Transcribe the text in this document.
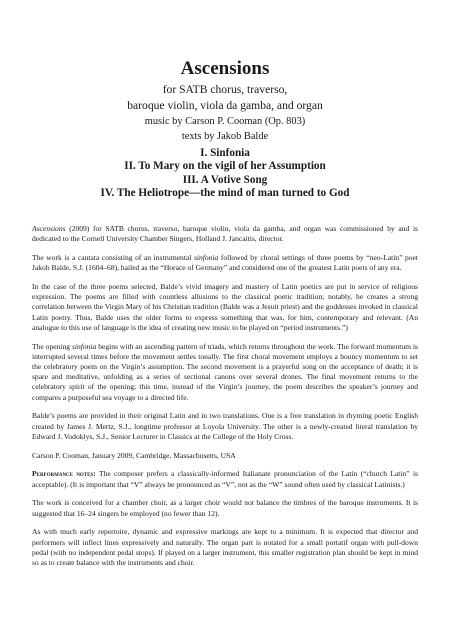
Ascensions
for SATB chorus, traverso,
baroque violin, viola da gamba, and organ
music by Carson P. Cooman (Op. 803)
texts by Jakob Balde
I. Sinfonia
II. To Mary on the vigil of her Assumption
III. A Votive Song
IV. The Heliotrope—the mind of man turned to God

Ascensions (2009) for SATB chorus, traverso, baroque violin, viola da gamba, and organ was commissioned by and is dedicated to the Cornell University Chamber Singers, Holland J. Jancaitis, director.

The work is a cantata consisting of an instrumental sinfonia followed by choral settings of three poems by “neo-Latin” poet Jakob Balde, S.J. (1604–68), hailed as the “Horace of Germany” and considered one of the greatest Latin poets of any era.

In the case of the three poems selected, Balde’s vivid imagery and mastery of Latin poetics are put in service of religious expression. The poems are filled with countless allusions to the classical poetic tradition; notably, he creates a strong correlation between the Virgin Mary of his Christian tradition (Balde was a Jesuit priest) and the goddesses invoked in classical Latin poetry. Thus, Balde uses the older forms to express something that was, for him, contemporary and relevant. (An analogue to this use of language is the idea of creating new music to be played on “period instruments.”)

The opening sinfonia begins with an ascending pattern of triads, which returns throughout the work. The forward momentum is interrupted several times before the movement settles tonally. The first choral movement employs a bouncy momentum to set the celebratory poem on the Virgin’s assumption. The second movement is a prayerful song on the acceptance of death; it is spare and meditative, unfolding as a series of sectional canons over several drones. The final movement returns to the celebratory spirit of the opening; this time, instead of the Virgin’s journey, the poem describes the speaker’s journey and compares a purposeful sea voyage to a directed life.

Balde’s poems are provided in their original Latin and in two translations. One is a free translation in rhyming poetic English created by James J. Mertz, S.J., longtime professor at Loyola University. The other is a newly-created literal translation by Edward J. Vodoklys, S.J., Senior Lecturer in Classics at the College of the Holy Cross.

Carson P. Cooman, January 2009, Cambridge, Massachusetts, USA

Performance notes: The composer prefers a classically-informed Italianate pronunciation of the Latin (“church Latin” is acceptable). (It is important that “V” always be pronounced as “V”, not as the “W” sound often used by classical Latinists.)

The work is conceived for a chamber choir, as a larger choir would not balance the timbres of the baroque instruments. It is suggested that 16–24 singers be employed (no fewer than 12).

As with much early repertoire, dynamic and expressive markings are kept to a minimum. It is expected that director and performers will inflect lines expressively and naturally. The organ part is notated for a small portatif organ with pull-down pedal (with no independent pedal stops). If played on a larger instrument, this smaller registration plan should be kept in mind so as to create balance with the instruments and choir.
